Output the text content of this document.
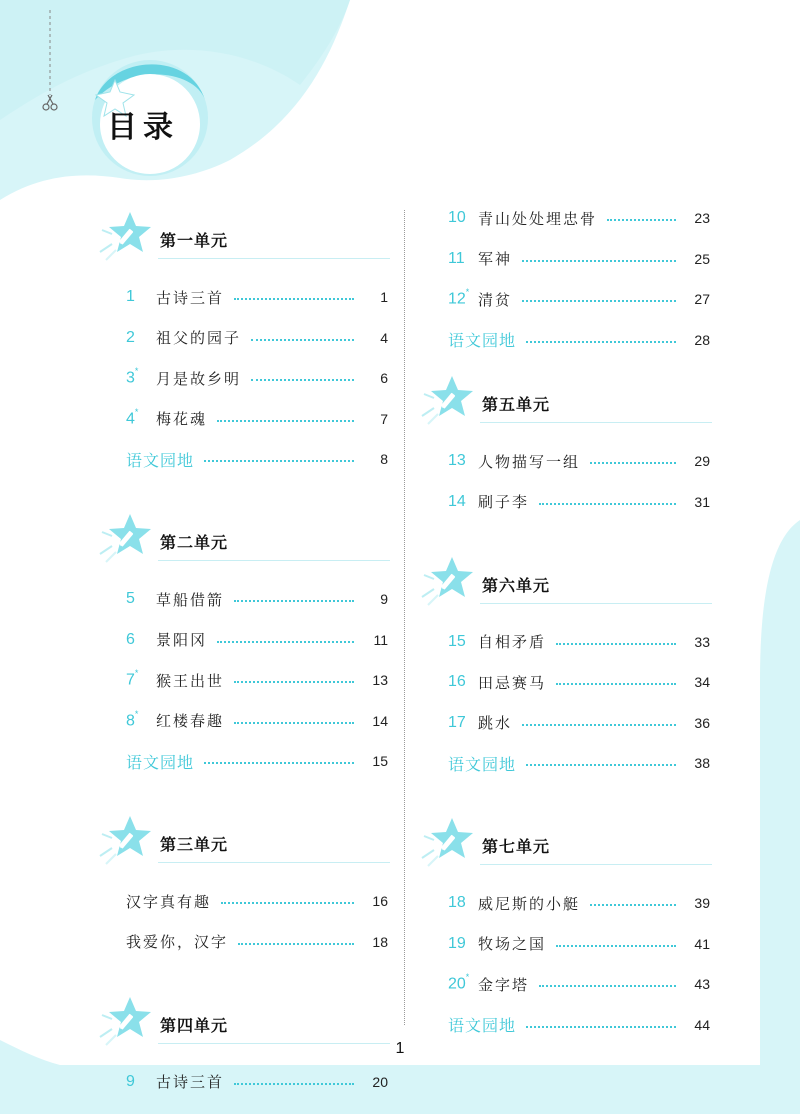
目录
第一单元
1	古诗三首	1
2	祖父的园子	4
3*	月是故乡明	6
4*	梅花魂	7
语文园地	8
第二单元
5	草船借箭	9
6	景阳冈	11
7*	猴王出世	13
8*	红楼春趣	14
语文园地	15
第三单元
汉字真有趣	16
我爱你，汉字	18
第四单元
9	古诗三首	20
10 青山处处埋忠骨	23
11 军神	25
12* 清贫	27
语文园地	28
第五单元
13 人物描写一组	29
14 刷子李	31
第六单元
15 自相矛盾	33
16 田忌赛马	34
17 跳水	36
语文园地	38
第七单元
18 威尼斯的小艇	39
19 牧场之国	41
20* 金字塔	43
语文园地	44
1
